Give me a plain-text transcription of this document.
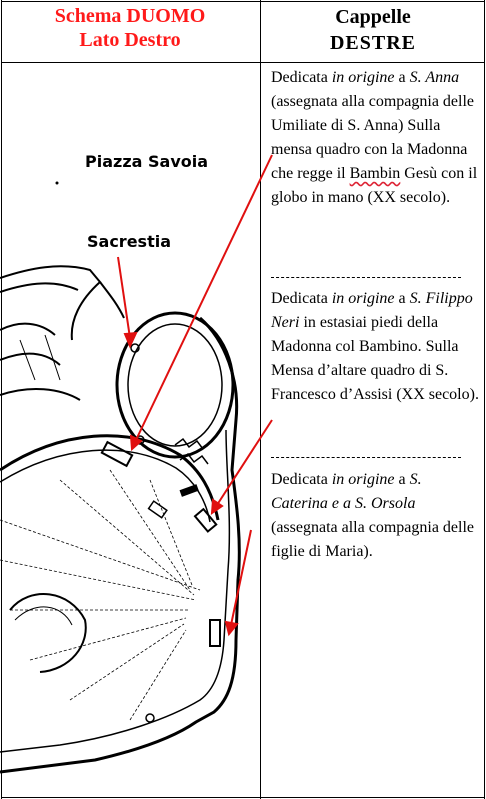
Schema DUOMO
Lato Destro
Cappelle
DESTRE
Piazza Savoia
Sacrestia
Dedicata in origine a S. Anna (assegnata alla compagnia delle Umiliate di S. Anna) Sulla mensa quadro con la Madonna che regge il Bambin Gesù con il globo in mano (XX secolo).
Dedicata in origine a S. Filippo Neri in estasiai piedi della Madonna col Bambino. Sulla Mensa d’altare quadro di S. Francesco d’Assisi (XX secolo).
Dedicata in origine a S. Caterina e a S. Orsola (assegnata alla compagnia delle figlie di Maria).
